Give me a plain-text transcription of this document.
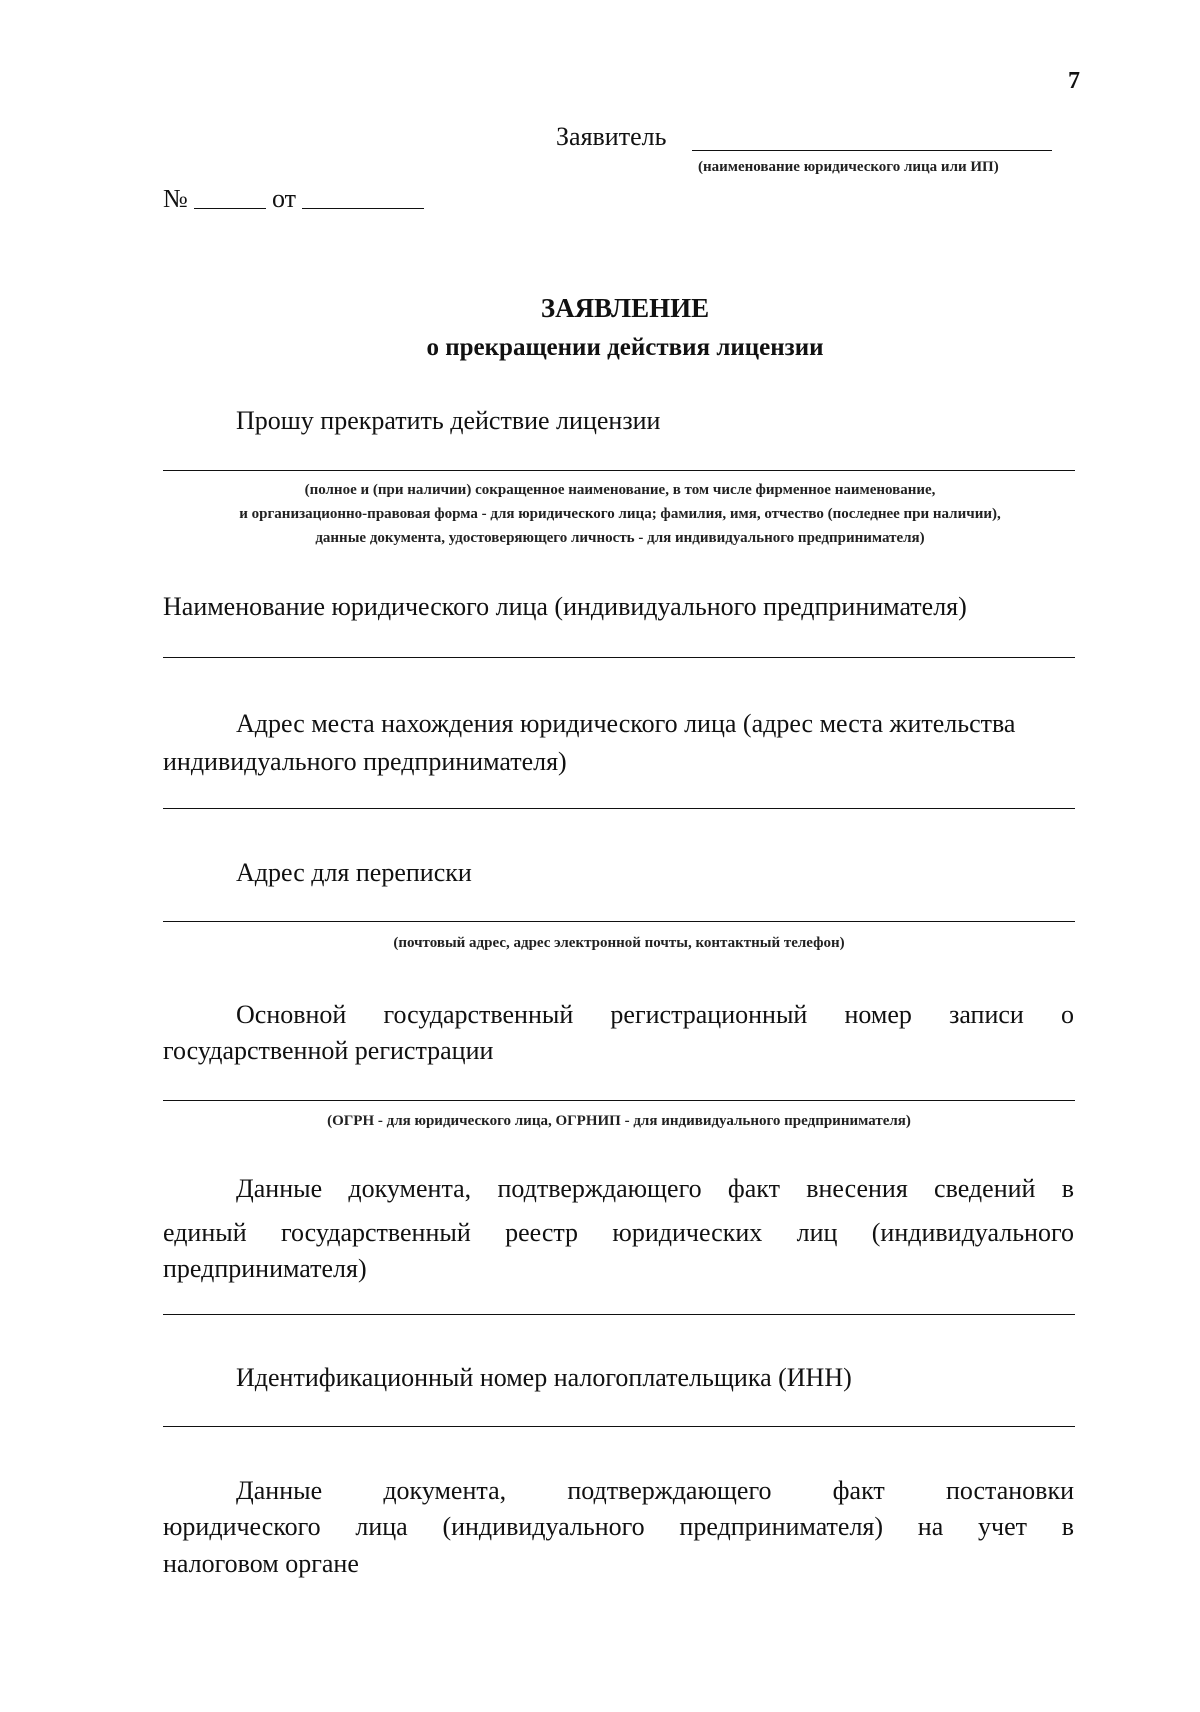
7
Заявитель
(наименование юридического лица или ИП)
№	от
ЗАЯВЛЕНИЕ
о прекращении действия лицензии
Прошу прекратить действие лицензии
(полное и (при наличии) сокращенное наименование, в том числе фирменное наименование,
и организационно-правовая форма - для юридического лица; фамилия, имя, отчество (последнее при наличии),
данные документа, удостоверяющего личность - для индивидуального предпринимателя)
Наименование юридического лица (индивидуального предпринимателя)
Адрес места нахождения юридического лица (адрес места жительства
индивидуального предпринимателя)
Адрес для переписки
(почтовый адрес, адрес электронной почты, контактный телефон)
Основной государственный регистрационный номер записи о
государственной регистрации
(ОГРН - для юридического лица, ОГРНИП - для индивидуального предпринимателя)
Данные документа, подтверждающего факт внесения сведений в
единый государственный реестр юридических лиц (индивидуального
предпринимателя)
Идентификационный номер налогоплательщика (ИНН)
Данные документа, подтверждающего факт постановки
юридического лица (индивидуального предпринимателя) на учет в
налоговом органе
